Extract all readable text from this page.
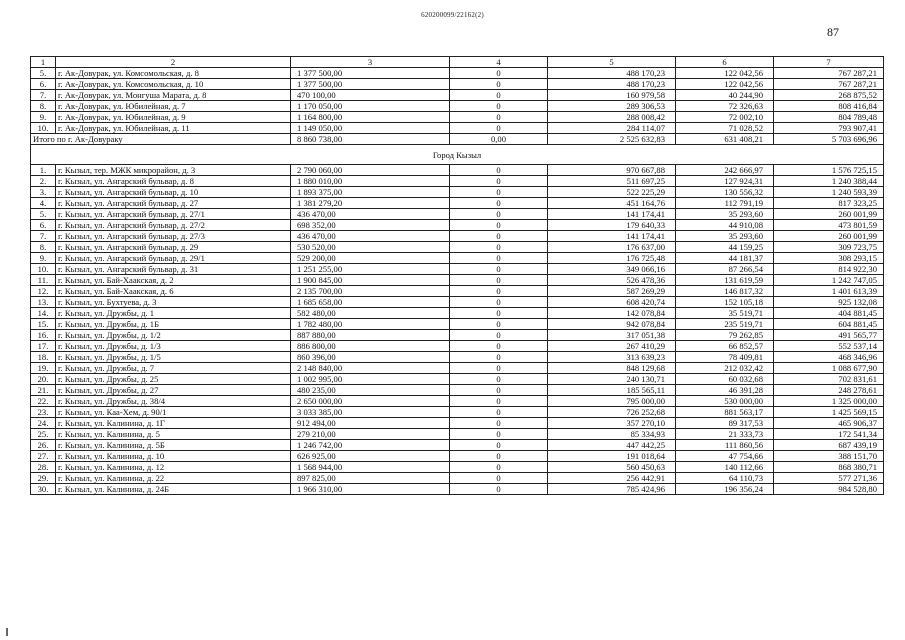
620200099/22162(2)
87
1	2	3	4	5	6	7
5.	г. Ак-Довурак, ул. Комсомольская, д. 8	1 377 500,00	0	488 170,23	122 042,56	767 287,21
6.	г. Ак-Довурак, ул. Комсомольская, д. 10	1 377 500,00	0	488 170,23	122 042,56	767 287,21
7.	г. Ак-Довурак, ул. Монгуша Марата, д. 8	470 100,00	0	160 979,58	40 244,90	268 875,52
8.	г. Ак-Довурак, ул. Юбилейная, д. 7	1 170 050,00	0	289 306,53	72 326,63	808 416,84
9.	г. Ак-Довурак, ул. Юбилейная, д. 9	1 164 800,00	0	288 008,42	72 002,10	804 789,48
10.	г. Ак-Довурак, ул. Юбилейная, д. 11	1 149 050,00	0	284 114,07	71 028,52	793 907,41
Итого по г. Ак-Довураку		8 860 738,00	0,00	2 525 632,83	631 408,21	5 703 696,96
Город Кызыл						
1.	г. Кызыл, тер. МЖК микрорайон, д. 3	2 790 060,00	0	970 667,88	242 666,97	1 576 725,15
2.	г. Кызыл, ул. Ангарский бульвар, д. 8	1 880 010,00	0	511 697,25	127 924,31	1 240 388,44
3.	г. Кызыл, ул. Ангарский бульвар, д. 10	1 893 375,00	0	522 225,29	130 556,32	1 240 593,39
4.	г. Кызыл, ул. Ангарский бульвар, д. 27	1 381 279,20	0	451 164,76	112 791,19	817 323,25
5.	г. Кызыл, ул. Ангарский бульвар, д. 27/1	436 470,00	0	141 174,41	35 293,60	260 001,99
6.	г. Кызыл, ул. Ангарский бульвар, д. 27/2	698 352,00	0	179 640,33	44 910,08	473 801,59
7.	г. Кызыл, ул. Ангарский бульвар, д. 27/3	436 470,00	0	141 174,41	35 293,60	260 001,99
8.	г. Кызыл, ул. Ангарский бульвар, д. 29	530 520,00	0	176 637,00	44 159,25	309 723,75
9.	г. Кызыл, ул. Ангарский бульвар, д. 29/1	529 200,00	0	176 725,48	44 181,37	308 293,15
10.	г. Кызыл, ул. Ангарский бульвар, д. 31	1 251 255,00	0	349 066,16	87 266,54	814 922,30
11.	г. Кызыл, ул. Бай-Хаакская, д. 2	1 900 845,00	0	526 478,36	131 619,59	1 242 747,05
12.	г. Кызыл, ул. Бай-Хаакская, д. 6	2 135 700,00	0	587 269,29	146 817,32	1 401 613,39
13.	г. Кызыл, ул. Бухтуева, д. 3	1 685 658,00	0	608 420,74	152 105,18	925 132,08
14.	г. Кызыл, ул. Дружбы, д. 1	582 480,00	0	142 078,84	35 519,71	404 881,45
15.	г. Кызыл, ул. Дружбы, д. 1Б	1 782 480,00	0	942 078,84	235 519,71	604 881,45
16.	г. Кызыл, ул. Дружбы, д. 1/2	887 880,00	0	317 051,38	79 262,85	491 565,77
17.	г. Кызыл, ул. Дружбы, д. 1/3	886 800,00	0	267 410,29	66 852,57	552 537,14
18.	г. Кызыл, ул. Дружбы, д. 1/5	860 396,00	0	313 639,23	78 409,81	468 346,96
19.	г. Кызыл, ул. Дружбы, д. 7	2 148 840,00	0	848 129,68	212 032,42	1 088 677,90
20.	г. Кызыл, ул. Дружбы, д. 25	1 002 995,00	0	240 130,71	60 032,68	702 831,61
21.	г. Кызыл, ул. Дружбы, д. 27	480 235,00	0	185 565,11	46 391,28	248 278,61
22.	г. Кызыл, ул. Дружбы, д. 38/4	2 650 000,00	0	795 000,00	530 000,00	1 325 000,00
23.	г. Кызыл, ул. Каа-Хем, д. 90/1	3 033 385,00	0	726 252,68	881 563,17	1 425 569,15
24.	г. Кызыл, ул. Калинина, д. 1Г	912 494,00	0	357 270,10	89 317,53	465 906,37
25.	г. Кызыл, ул. Калинина, д. 5	279 210,00	0	85 334,93	21 333,73	172 541,34
26.	г. Кызыл, ул. Калинина, д. 5Б	1 246 742,00	0	447 442,25	111 860,56	687 439,19
27.	г. Кызыл, ул. Калинина, д. 10	626 925,00	0	191 018,64	47 754,66	388 151,70
28.	г. Кызыл, ул. Калинина, д. 12	1 568 944,00	0	560 450,63	140 112,66	868 380,71
29.	г. Кызыл, ул. Калинина, д. 22	897 825,00	0	256 442,91	64 110,73	577 271,36
30.	г. Кызыл, ул. Калинина, д. 24Б	1 966 310,00	0	785 424,96	196 356,24	984 528,80
